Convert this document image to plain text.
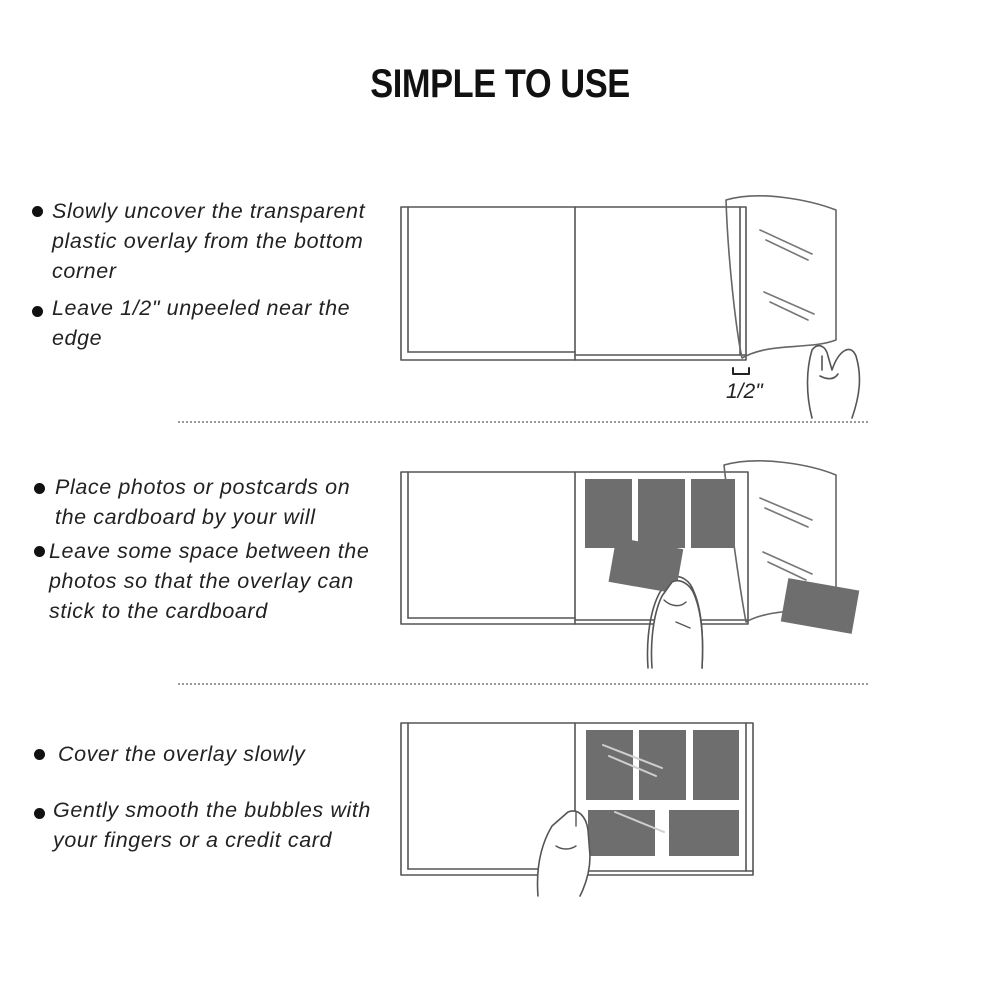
SIMPLE TO USE
Slowly uncover the transparent
plastic overlay from the bottom
corner
Leave 1/2" unpeeled near the
edge
1/2"
Place photos or postcards on
the cardboard by your will
Leave some space between the
photos so that the overlay can
stick to the cardboard
Cover the overlay slowly
Gently smooth the bubbles with
your fingers or a credit card
